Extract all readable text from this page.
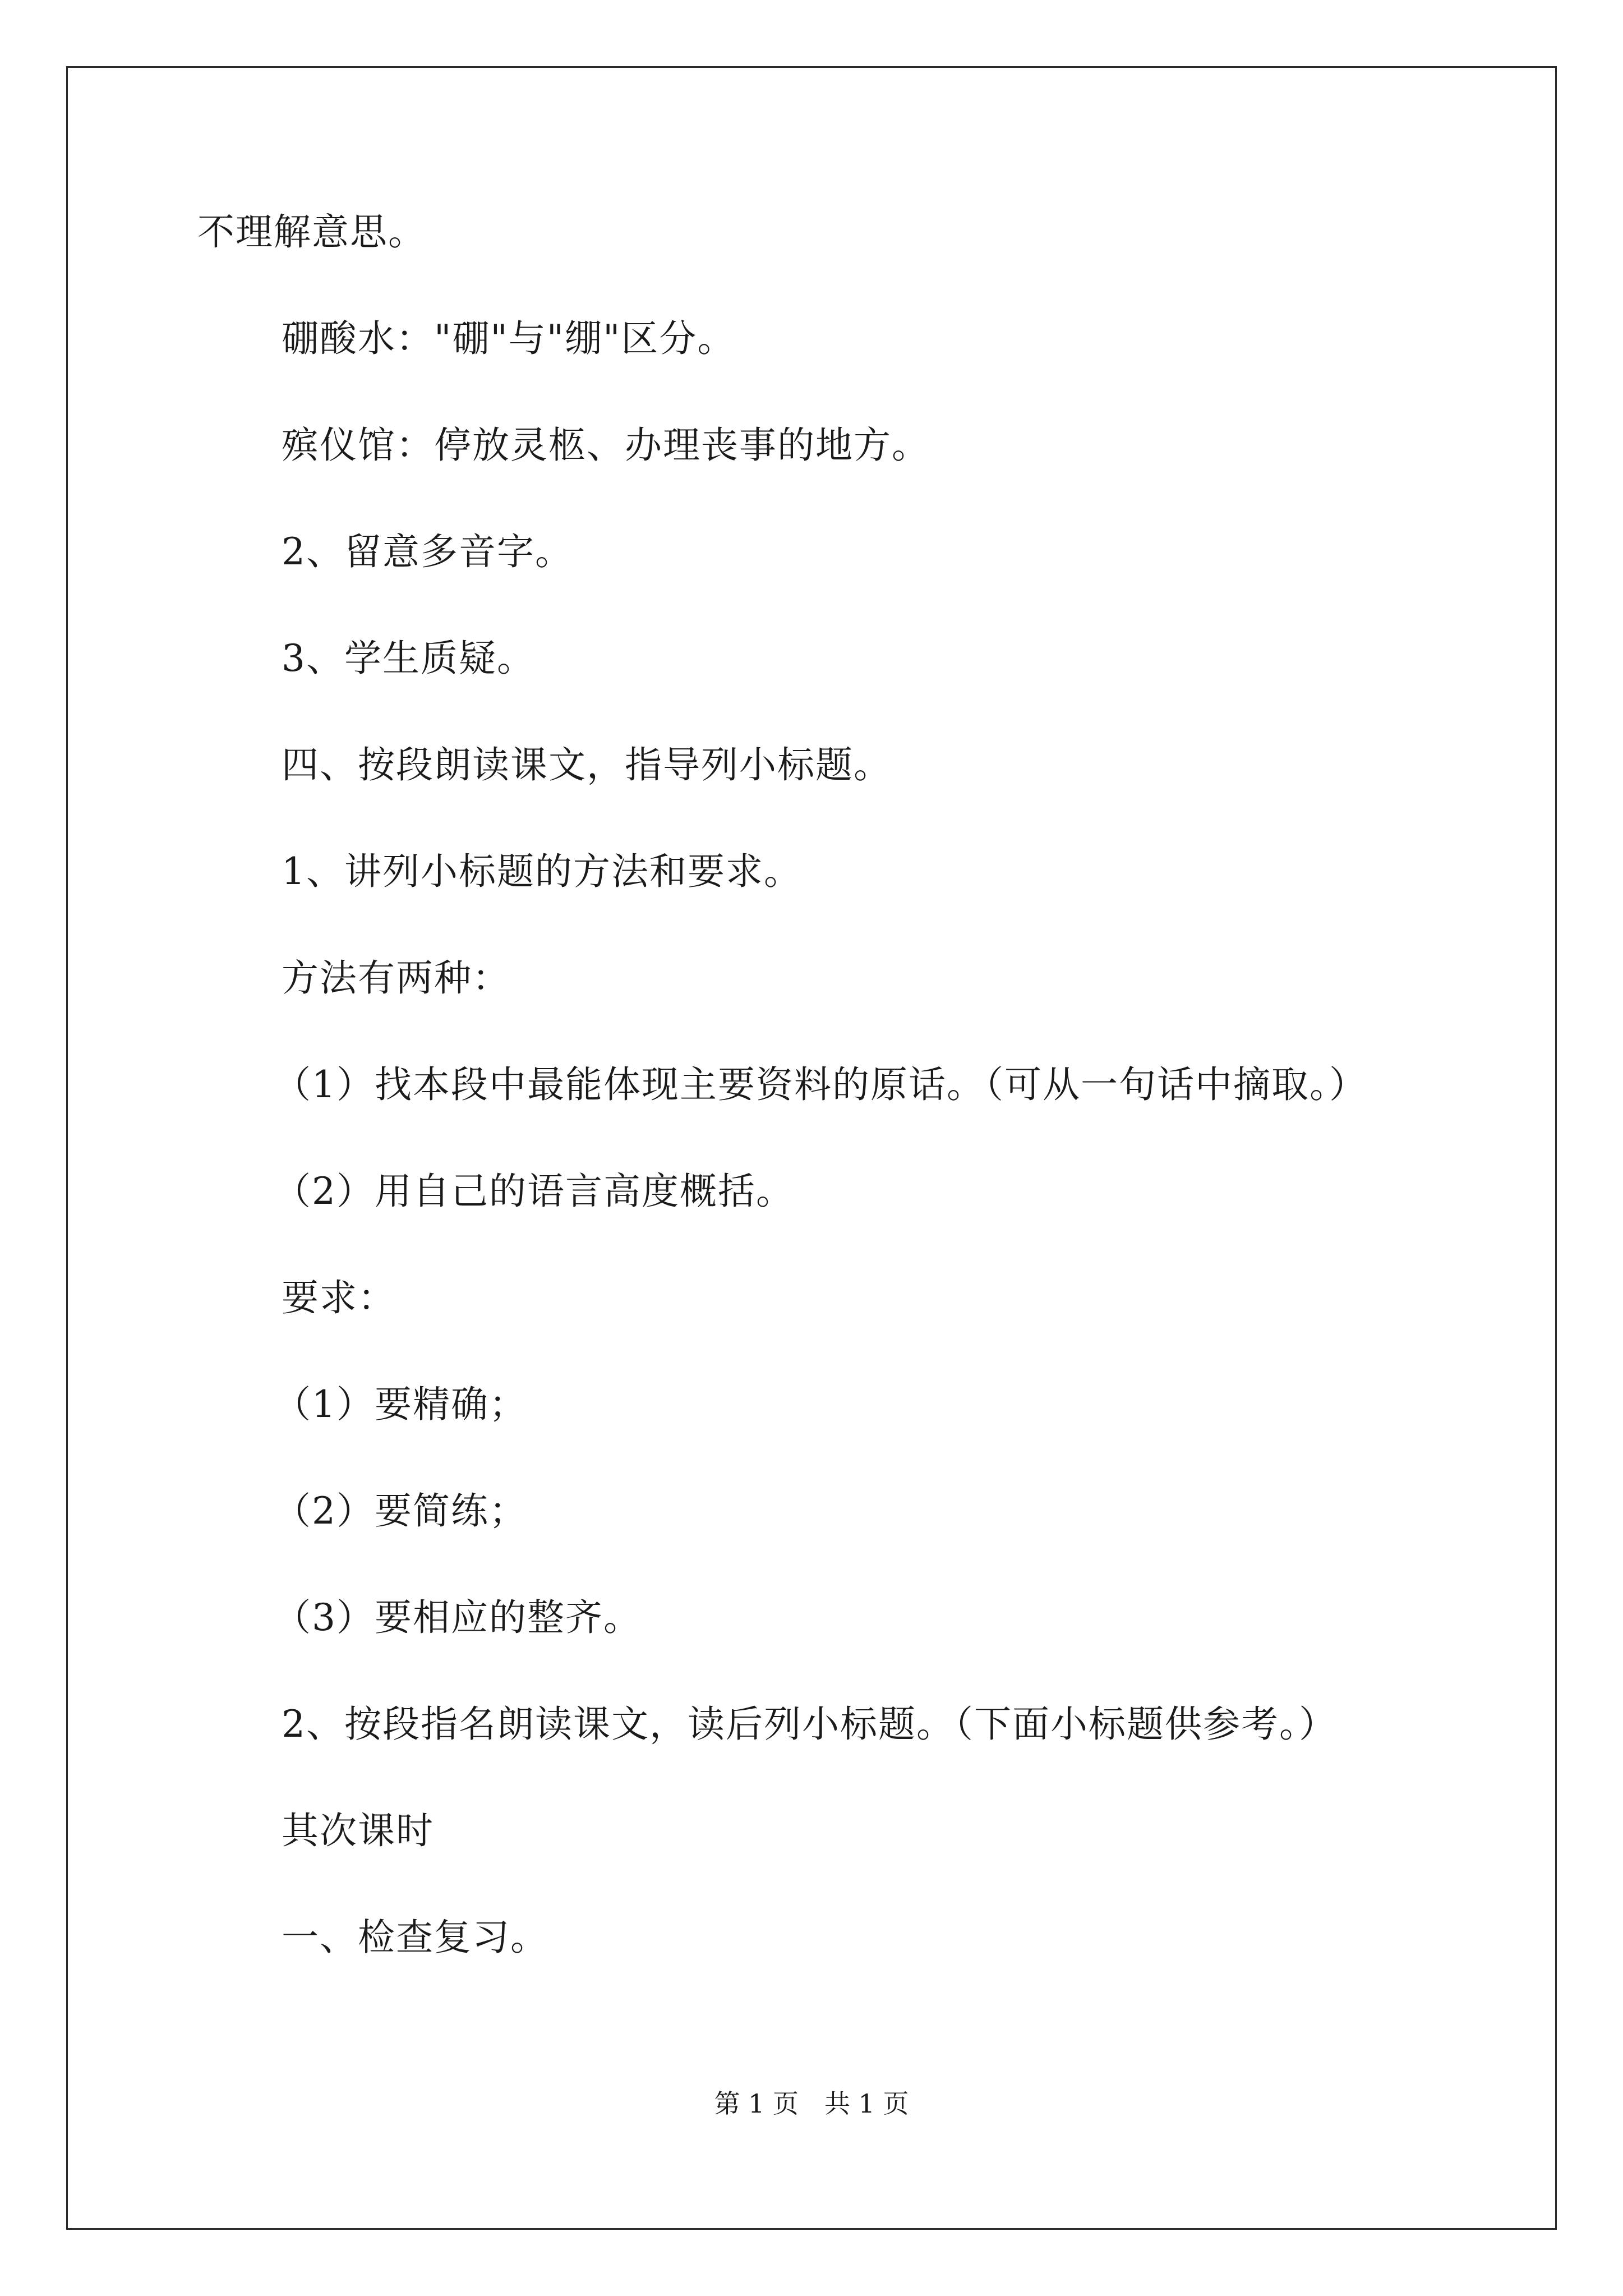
不理解意思。
硼酸水："硼"与"绷"区分。
殡仪馆：停放灵柩、办理丧事的地方。
2、留意多音字。
3、学生质疑。
四、按段朗读课文，指导列小标题。
1、讲列小标题的方法和要求。
方法有两种：
（1）找本段中最能体现主要资料的原话。（可从一句话中摘取。）
（2）用自己的语言高度概括。
要求：
（1）要精确；
（2）要简练；
（3）要相应的整齐。
2、按段指名朗读课文，读后列小标题。（下面小标题供参考。）
其次课时
一、检查复习。
第 1 页　共 1 页
